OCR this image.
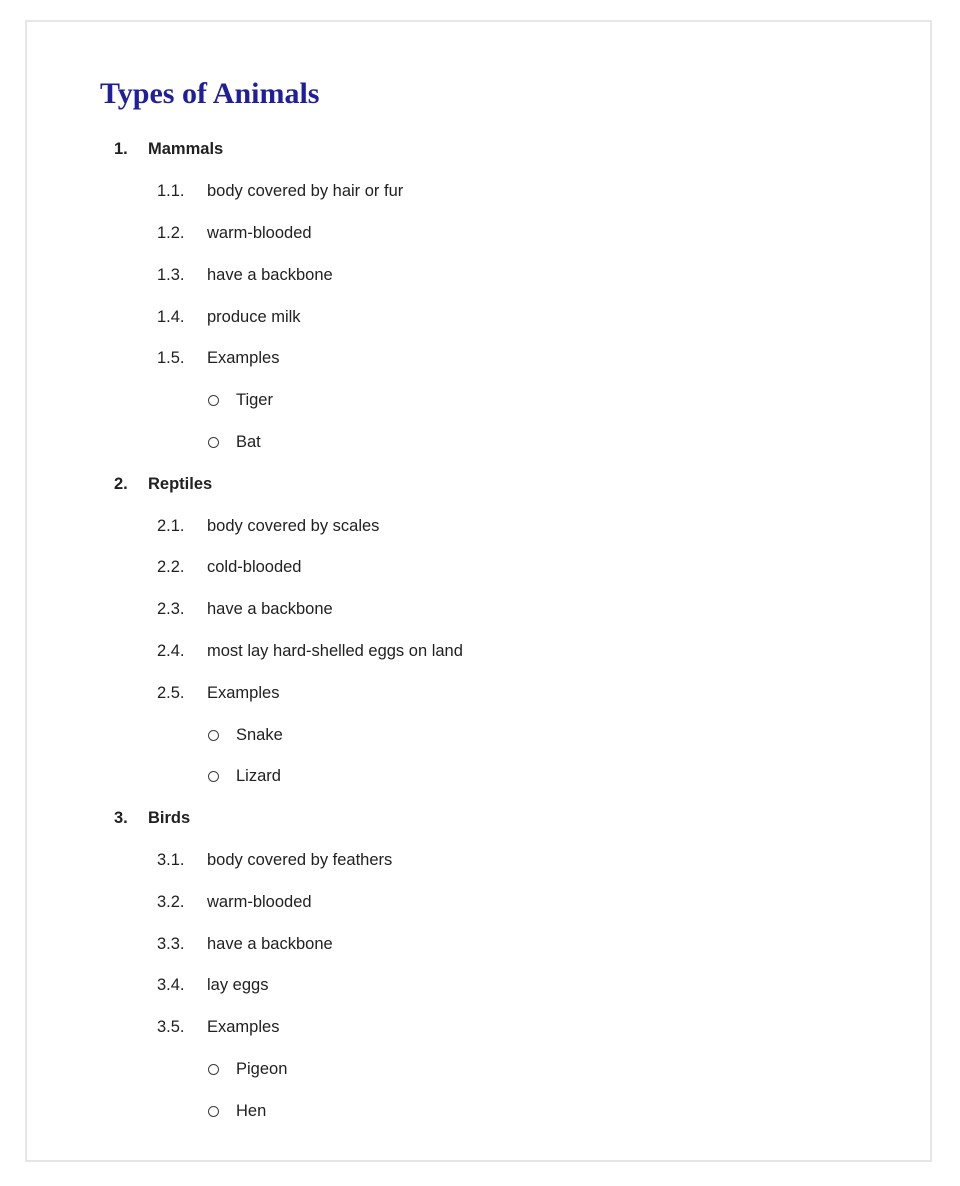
Types of Animals
1.	Mammals
1.1.	body covered by hair or fur
1.2.	warm-blooded
1.3.	have a backbone
1.4.	produce milk
1.5.	Examples
Tiger
Bat
2.	Reptiles
2.1.	body covered by scales
2.2.	cold-blooded
2.3.	have a backbone
2.4.	most lay hard-shelled eggs on land
2.5.	Examples
Snake
Lizard
3.	Birds
3.1.	body covered by feathers
3.2.	warm-blooded
3.3.	have a backbone
3.4.	lay eggs
3.5.	Examples
Pigeon
Hen
